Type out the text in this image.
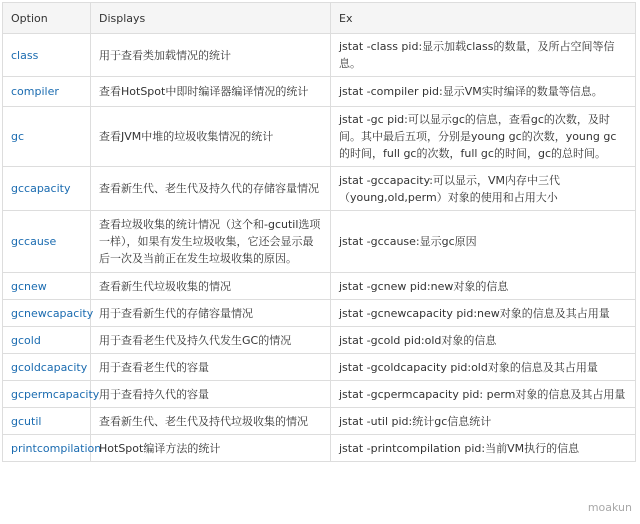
Option	Displays	Ex
class	用于查看类加载情况的统计	jstat -class pid:显示加载class的数量，及所占空间等信息。
compiler	查看HotSpot中即时编译器编译情况的统计	jstat -compiler pid:显示VM实时编译的数量等信息。
gc	查看JVM中堆的垃圾收集情况的统计	jstat -gc pid:可以显示gc的信息，查看gc的次数，及时间。其中最后五项，分别是young gc的次数，young gc的时间，full gc的次数，full gc的时间，gc的总时间。
gccapacity	查看新生代、老生代及持久代的存储容量情况	jstat -gccapacity:可以显示，VM内存中三代（young,old,perm）对象的使用和占用大小
gccause	查看垃圾收集的统计情况（这个和-gcutil选项一样），如果有发生垃圾收集，它还会显示最后一次及当前正在发生垃圾收集的原因。	jstat -gccause:显示gc原因
gcnew	查看新生代垃圾收集的情况	jstat -gcnew pid:new对象的信息
gcnewcapacity	用于查看新生代的存储容量情况	jstat -gcnewcapacity pid:new对象的信息及其占用量
gcold	用于查看老生代及持久代发生GC的情况	jstat -gcold pid:old对象的信息
gcoldcapacity	用于查看老生代的容量	jstat -gcoldcapacity pid:old对象的信息及其占用量
gcpermcapacity	用于查看持久代的容量	jstat -gcpermcapacity pid: perm对象的信息及其占用量
gcutil	查看新生代、老生代及持代垃圾收集的情况	jstat -util pid:统计gc信息统计
printcompilation	HotSpot编译方法的统计	jstat -printcompilation pid:当前VM执行的信息
moakun
